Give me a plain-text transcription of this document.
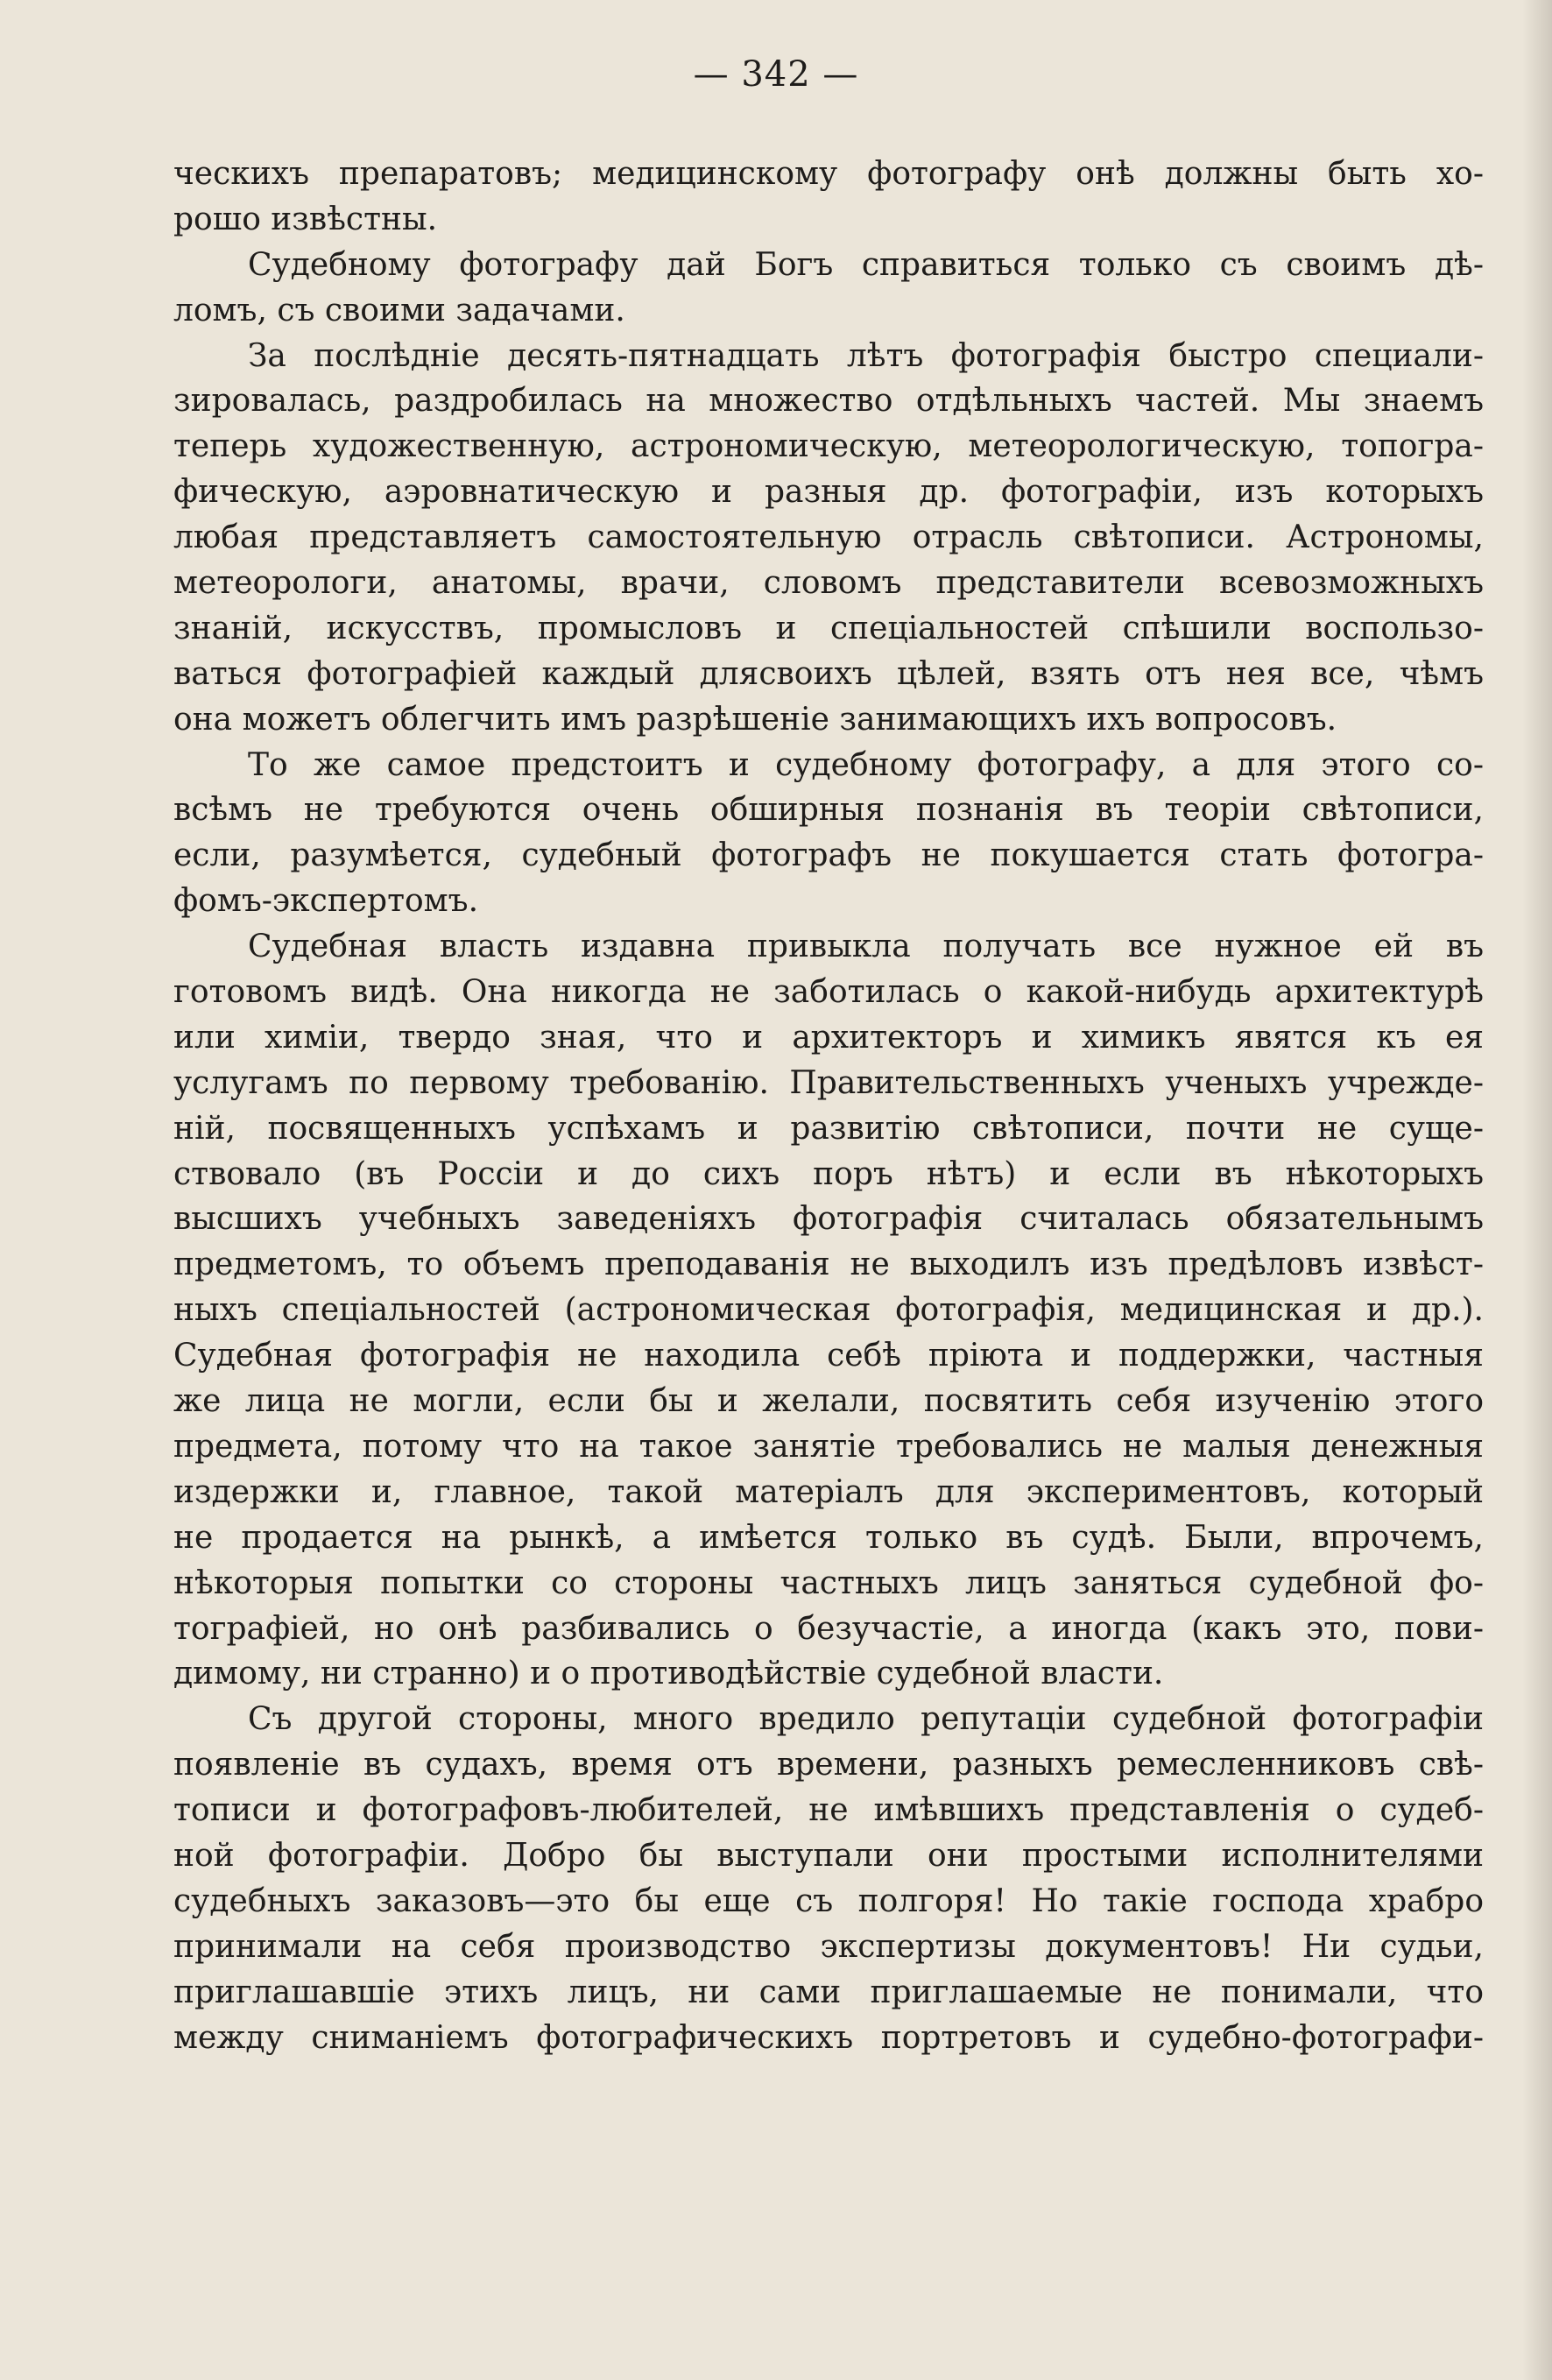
— 342 —

ческихъ препаратовъ; медицинскому фотографу онѣ должны быть хо-
рошо извѣстны.
Судебному фотографу дай Богъ справиться только съ своимъ дѣ-
ломъ, съ своими задачами.
За послѣдніе десять-пятнадцать лѣтъ фотографія быстро специали-
зировалась, раздробилась на множество отдѣльныхъ частей. Мы знаемъ
теперь художественную, астрономическую, метеорологическую, топогра-
фическую, аэровнатическую и разныя др. фотографіи, изъ которыхъ
любая представляетъ самостоятельную отрасль свѣтописи. Астрономы,
метеорологи, анатомы, врачи, словомъ представители всевозможныхъ
знаній, искусствъ, промысловъ и спеціальностей спѣшили воспользо-
ваться фотографіей каждый длясвоихъ цѣлей, взять отъ нея все, чѣмъ
она можетъ облегчить имъ разрѣшеніе занимающихъ ихъ вопросовъ.
То же самое предстоитъ и судебному фотографу, а для этого со-
всѣмъ не требуются очень обширныя познанія въ теоріи свѣтописи,
если, разумѣется, судебный фотографъ не покушается стать фотогра-
фомъ-экспертомъ.
Судебная власть издавна привыкла получать все нужное ей въ
готовомъ видѣ. Она никогда не заботилась о какой-нибудь архитектурѣ
или химіи, твердо зная, что и архитекторъ и химикъ явятся къ ея
услугамъ по первому требованію. Правительственныхъ ученыхъ учрежде-
ній, посвященныхъ успѣхамъ и развитію свѣтописи, почти не суще-
ствовало (въ Россіи и до сихъ поръ нѣтъ) и если въ нѣкоторыхъ
высшихъ учебныхъ заведеніяхъ фотографія считалась обязательнымъ
предметомъ, то объемъ преподаванія не выходилъ изъ предѣловъ извѣст-
ныхъ спеціальностей (астрономическая фотографія, медицинская и др.).
Судебная фотографія не находила себѣ пріюта и поддержки, частныя
же лица не могли, если бы и желали, посвятить себя изученію этого
предмета, потому что на такое занятіе требовались не малыя денежныя
издержки и, главное, такой матеріалъ для экспериментовъ, который
не продается на рынкѣ, а имѣется только въ судѣ. Были, впрочемъ,
нѣкоторыя попытки со стороны частныхъ лицъ заняться судебной фо-
тографіей, но онѣ разбивались о безучастіе, а иногда (какъ это, пови-
димому, ни странно) и о противодѣйствіе судебной власти.
Съ другой стороны, много вредило репутаціи судебной фотографіи
появленіе въ судахъ, время отъ времени, разныхъ ремесленниковъ свѣ-
тописи и фотографовъ-любителей, не имѣвшихъ представленія о судеб-
ной фотографіи. Добро бы выступали они простыми исполнителями
судебныхъ заказовъ—это бы еще съ полгоря! Но такіе господа храбро
принимали на себя производство экспертизы документовъ! Ни судьи,
приглашавшіе этихъ лицъ, ни сами приглашаемые не понимали, что
между сниманіемъ фотографическихъ портретовъ и судебно-фотографи-
